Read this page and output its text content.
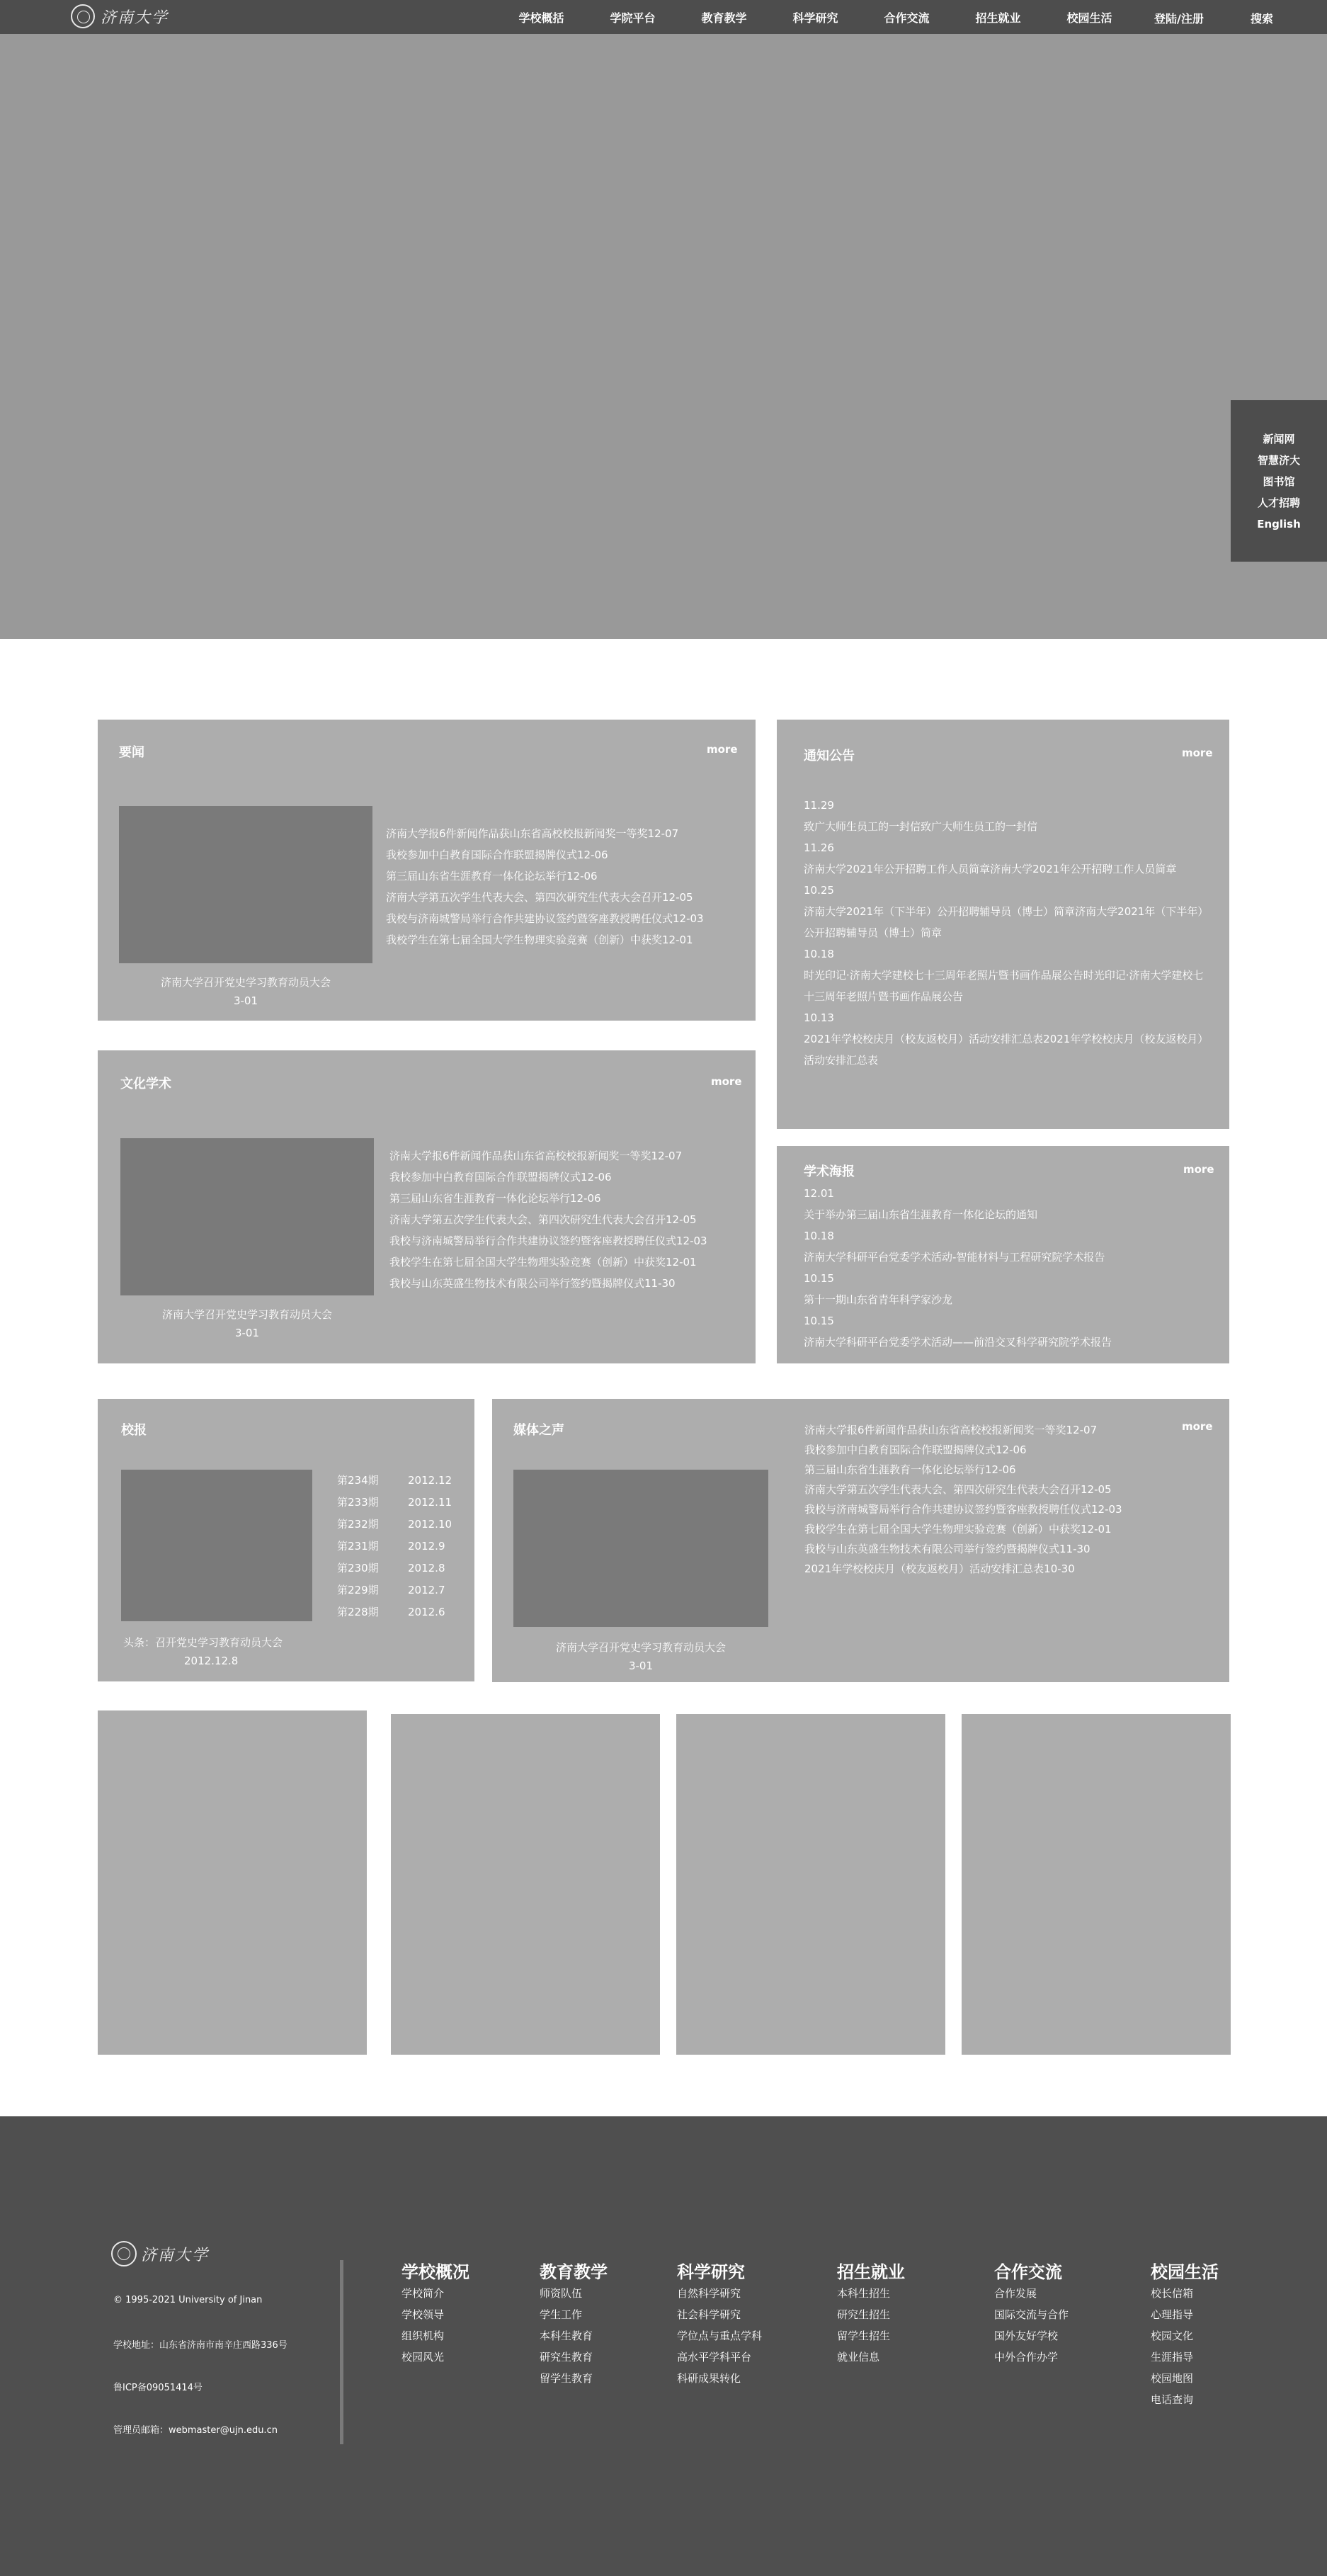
济南大学	学校概括	学院平台	教育教学	科学研究	合作交流	招生就业	校园生活	登陆/注册	搜索
新闻网
智慧济大
图书馆
人才招聘
English
要闻	more
济南大学召开党史学习教育动员大会
3-01
济南大学报6件新闻作品获山东省高校校报新闻奖一等奖12-07
我校参加中白教育国际合作联盟揭牌仪式12-06
第三届山东省生涯教育一体化论坛举行12-06
济南大学第五次学生代表大会、第四次研究生代表大会召开12-05
我校与济南城警局举行合作共建协议签约暨客座教授聘任仪式12-03
我校学生在第七届全国大学生物理实验竞赛（创新）中获奖12-01
通知公告	more
11.29
致广大师生员工的一封信致广大师生员工的一封信
11.26
济南大学2021年公开招聘工作人员简章济南大学2021年公开招聘工作人员简章
10.25
济南大学2021年（下半年）公开招聘辅导员（博士）简章济南大学2021年（下半年）公开招聘辅导员（博士）简章
10.18
时光印记·济南大学建校七十三周年老照片暨书画作品展公告时光印记·济南大学建校七十三周年老照片暨书画作品展公告
10.13
2021年学校校庆月（校友返校月）活动安排汇总表2021年学校校庆月（校友返校月）活动安排汇总表
文化学术	more
济南大学召开党史学习教育动员大会
3-01
济南大学报6件新闻作品获山东省高校校报新闻奖一等奖12-07
我校参加中白教育国际合作联盟揭牌仪式12-06
第三届山东省生涯教育一体化论坛举行12-06
济南大学第五次学生代表大会、第四次研究生代表大会召开12-05
我校与济南城警局举行合作共建协议签约暨客座教授聘任仪式12-03
我校学生在第七届全国大学生物理实验竞赛（创新）中获奖12-01
我校与山东英盛生物技术有限公司举行签约暨揭牌仪式11-30
学术海报	more
12.01
关于举办第三届山东省生涯教育一体化论坛的通知
10.18
济南大学科研平台党委学术活动-智能材料与工程研究院学术报告
10.15
第十一期山东省青年科学家沙龙
10.15
济南大学科研平台党委学术活动——前沿交叉科学研究院学术报告
校报
第234期	2012.12
第233期	2012.11
第232期	2012.10
第231期	2012.9
第230期	2012.8
第229期	2012.7
第228期	2012.6
头条：召开党史学习教育动员大会
2012.12.8
媒体之声	more
济南大学召开党史学习教育动员大会
3-01
济南大学报6件新闻作品获山东省高校校报新闻奖一等奖12-07
我校参加中白教育国际合作联盟揭牌仪式12-06
第三届山东省生涯教育一体化论坛举行12-06
济南大学第五次学生代表大会、第四次研究生代表大会召开12-05
我校与济南城警局举行合作共建协议签约暨客座教授聘任仪式12-03
我校学生在第七届全国大学生物理实验竞赛（创新）中获奖12-01
我校与山东英盛生物技术有限公司举行签约暨揭牌仪式11-30
2021年学校校庆月（校友返校月）活动安排汇总表10-30
济南大学
© 1995-2021 University of Jinan
学校地址：山东省济南市南辛庄西路336号
鲁ICP备09051414号
管理员邮箱：webmaster@ujn.edu.cn
学校概况
学校简介
学校领导
组织机构
校园风光
教育教学
师资队伍
学生工作
本科生教育
研究生教育
留学生教育
科学研究
自然科学研究
社会科学研究
学位点与重点学科
高水平学科平台
科研成果转化
招生就业
本科生招生
研究生招生
留学生招生
就业信息
合作交流
合作发展
国际交流与合作
国外友好学校
中外合作办学
校园生活
校长信箱
心理指导
校园文化
生涯指导
校园地图
电话查询
